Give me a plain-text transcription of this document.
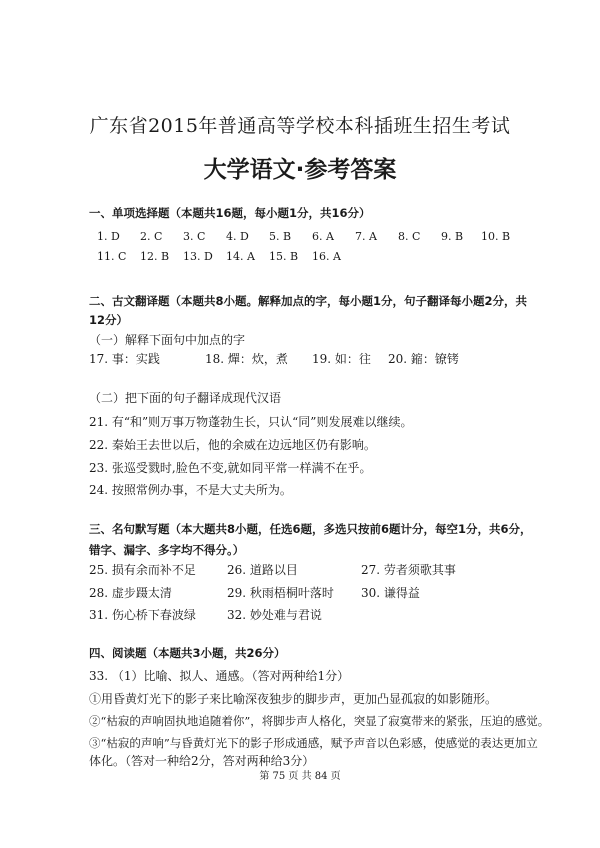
广东省2015年普通高等学校本科插班生招生考试
大学语文·参考答案
一、单项选择题（本题共16题，每小题1分，共16分）
1. D 2. C 3. C 4. D 5. B 6. A 7. A 8. C 9. B 10. B
11. C 12. B 13. D 14. A 15. B 16. A
二、古文翻译题（本题共8小题。解释加点的字，每小题1分，句子翻译每小题2分，共
12分）
（一）解释下面句中加点的字
17. 事：实践	18. 燀：炊，煮 19. 如：往 20. 鏥：镣铐
（二）把下面的句子翻译成现代汉语
21. 有“和”则万事万物蓬勃生长，只认“同”则发展难以继续。
22. 秦始王去世以后，他的余威在边远地区仍有影响。
23. 张巡受戮时,脸色不变,就如同平常一样满不在乎。
24. 按照常例办事，不是大丈夫所为。
三、名句默写题（本大题共8小题，任选6题，多选只按前6题计分，每空1分，共6分，
错字、漏字、多字均不得分。）
25. 损有余而补不足	26. 道路以目	27. 劳者须歌其事
28. 虚步蹑太清	29. 秋雨梧桐叶落时 30. 谦得益
31. 伤心桥下春波绿	32. 妙处难与君说
四、阅读题（本题共3小题，共26分）
33. （1）比喻、拟人、通感。（答对两种给1分）
①用昏黄灯光下的影子来比喻深夜独步的脚步声，更加凸显孤寂的如影随形。
②“枯寂的声响固执地追随着你”，将脚步声人格化，突显了寂寞带来的紧张，压迫的感觉。
③“枯寂的声响”与昏黄灯光下的影子形成通感，赋予声音以色彩感，使感觉的表达更加立
体化。（答对一种给2分，答对两种给3分）
第 75 页 共 84 页
